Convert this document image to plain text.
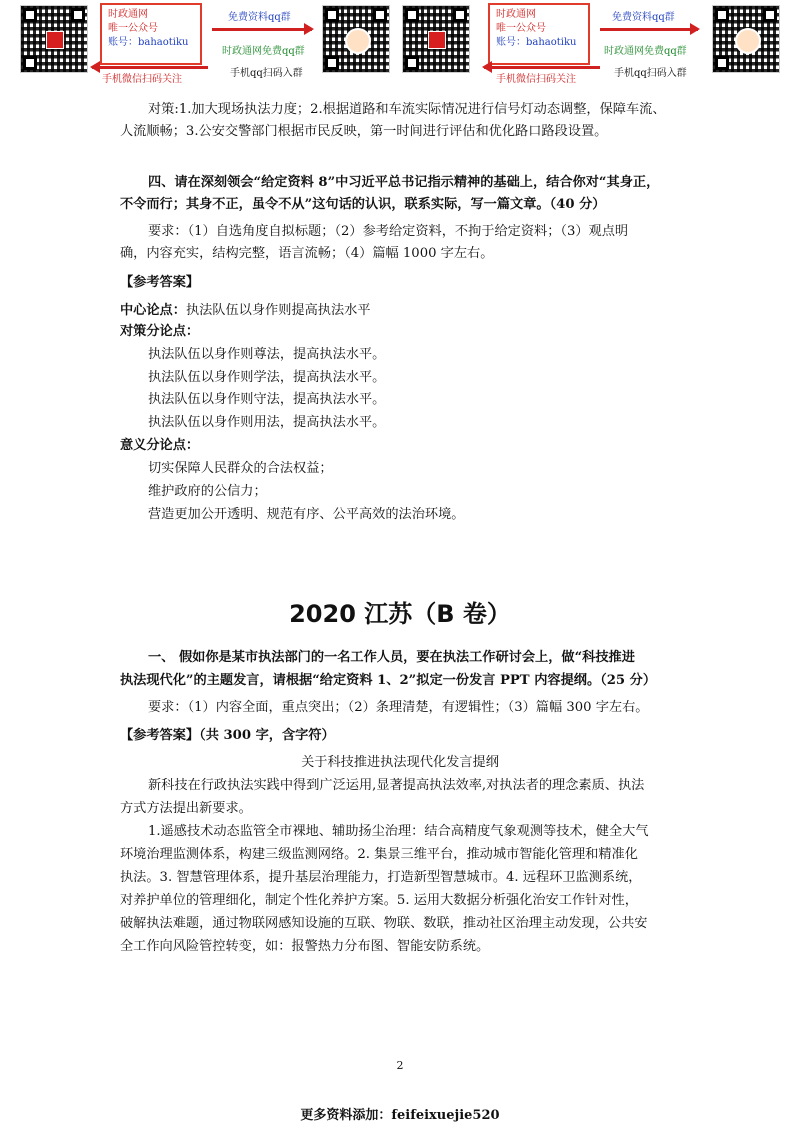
时政通网
唯一公众号
账号：bahaotiku
手机微信扫码关注
免费资料qq群
时政通网免费qq群
手机qq扫码入群
时政通网
唯一公众号
账号：bahaotiku
手机微信扫码关注
免费资料qq群
时政通网免费qq群
手机qq扫码入群
对策:1.加大现场执法力度；2.根据道路和车流实际情况进行信号灯动态调整，保障车流、
人流顺畅；3.公安交警部门根据市民反映，第一时间进行评估和优化路口路段设置。
四、请在深刻领会“给定资料 8”中习近平总书记指示精神的基础上，结合你对“其身正，
不令而行；其身不正，虽令不从”这句话的认识，联系实际，写一篇文章。（40 分）
要求：（1）自选角度自拟标题；（2）参考给定资料，不拘于给定资料；（3）观点明
确，内容充实，结构完整，语言流畅；（4）篇幅 1000 字左右。
【参考答案】
中心论点：执法队伍以身作则提高执法水平
对策分论点：
执法队伍以身作则尊法，提高执法水平。
执法队伍以身作则学法，提高执法水平。
执法队伍以身作则守法，提高执法水平。
执法队伍以身作则用法，提高执法水平。
意义分论点：
切实保障人民群众的合法权益；
维护政府的公信力；
营造更加公开透明、规范有序、公平高效的法治环境。
2020 江苏（B 卷）
一、 假如你是某市执法部门的一名工作人员，要在执法工作研讨会上，做“科技推进
执法现代化”的主题发言，请根据“给定资料 1、2”拟定一份发言 PPT 内容提纲。（25 分）
要求：（1）内容全面，重点突出；（2）条理清楚，有逻辑性；（3）篇幅 300 字左右。
【参考答案】（共 300 字，含字符）
关于科技推进执法现代化发言提纲
新科技在行政执法实践中得到广泛运用,显著提高执法效率,对执法者的理念素质、执法
方式方法提出新要求。
1.遥感技术动态监管全市裸地、辅助扬尘治理：结合高精度气象观测等技术，健全大气
环境治理监测体系，构建三级监测网络。2. 集景三维平台，推动城市智能化管理和精准化
执法。3. 智慧管理体系，提升基层治理能力，打造新型智慧城市。4. 远程环卫监测系统，
对养护单位的管理细化，制定个性化养护方案。5. 运用大数据分析强化治安工作针对性，
破解执法难题，通过物联网感知设施的互联、物联、数联，推动社区治理主动发现，公共安
全工作向风险管控转变，如：报警热力分布图、智能安防系统。
2
更多资料添加：feifeixuejie520
